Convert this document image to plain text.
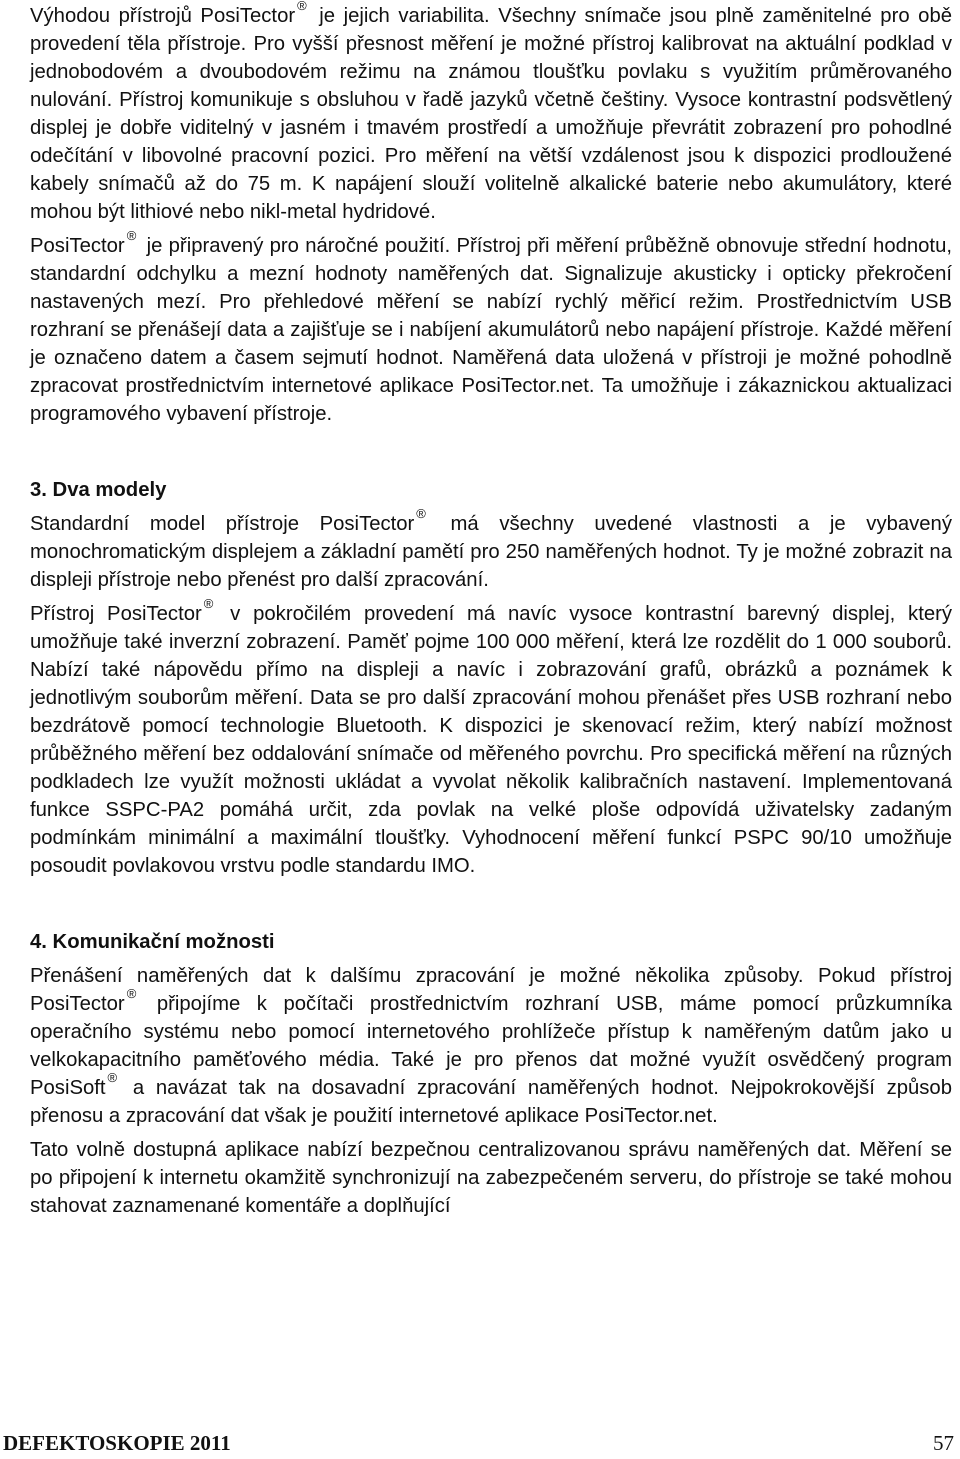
Výhodou přístrojů PosiTector ® je jejich variabilita. Všechny snímače jsou plně zaměnitelné pro obě provedení těla přístroje. Pro vyšší přesnost měření je možné přístroj kalibrovat na aktuální podklad v jednobodovém a dvoubodovém režimu na známou tloušťku povlaku s využitím průměrovaného nulování. Přístroj komunikuje s obsluhou v řadě jazyků včetně češtiny. Vysoce kontrastní podsvětlený displej je dobře viditelný v jasném i tmavém prostředí a umožňuje převrátit zobrazení pro pohodlné odečítání v libovolné pracovní pozici. Pro měření na větší vzdálenost jsou k dispozici prodloužené kabely snímačů až do 75 m. K napájení slouží volitelně alkalické baterie nebo akumulátory, které mohou být lithiové nebo nikl-metal hydridové.

PosiTector ® je připravený pro náročné použití. Přístroj při měření průběžně obnovuje střední hodnotu, standardní odchylku a mezní hodnoty naměřených dat. Signalizuje akusticky i opticky překročení nastavených mezí. Pro přehledové měření se nabízí rychlý měřicí režim. Prostřednictvím USB rozhraní se přenášejí data a zajišťuje se i nabíjení akumulátorů nebo napájení přístroje. Každé měření je označeno datem a časem sejmutí hodnot. Naměřená data uložená v přístroji je možné pohodlně zpracovat prostřednictvím internetové aplikace PosiTector.net. Ta umožňuje i zákaznickou aktualizaci programového vybavení přístroje.

3. Dva modely

Standardní model přístroje PosiTector ® má všechny uvedené vlastnosti a je vybavený monochromatickým displejem a základní pamětí pro 250 naměřených hodnot. Ty je možné zobrazit na displeji přístroje nebo přenést pro další zpracování.

Přístroj PosiTector ® v pokročilém provedení má navíc vysoce kontrastní barevný displej, který umožňuje také inverzní zobrazení. Paměť pojme 100 000 měření, která lze rozdělit do 1 000 souborů. Nabízí také nápovědu přímo na displeji a navíc i zobrazování grafů, obrázků a poznámek k jednotlivým souborům měření. Data se pro další zpracování mohou přenášet přes USB rozhraní nebo bezdrátově pomocí technologie Bluetooth. K dispozici je skenovací režim, který nabízí možnost průběžného měření bez oddalování snímače od měřeného povrchu. Pro specifická měření na různých podkladech lze využít možnosti ukládat a vyvolat několik kalibračních nastavení. Implementovaná funkce SSPC-PA2 pomáhá určit, zda povlak na velké ploše odpovídá uživatelsky zadaným podmínkám minimální a maximální tloušťky. Vyhodnocení měření funkcí PSPC 90/10 umožňuje posoudit povlakovou vrstvu podle standardu IMO.

4. Komunikační možnosti

Přenášení naměřených dat k dalšímu zpracování je možné několika způsoby. Pokud přístroj PosiTector ® připojíme k počítači prostřednictvím rozhraní USB, máme pomocí průzkumníka operačního systému nebo pomocí internetového prohlížeče přístup k naměřeným datům jako u velkokapacitního paměťového média. Také je pro přenos dat možné využít osvědčený program PosiSoft ® a navázat tak na dosavadní zpracování naměřených hodnot. Nejpokrokovější způsob přenosu a zpracování dat však je použití internetové aplikace PosiTector.net.

Tato volně dostupná aplikace nabízí bezpečnou centralizovanou správu naměřených dat. Měření se po připojení k internetu okamžitě synchronizují na zabezpečeném serveru, do přístroje se také mohou stahovat zaznamenané komentáře a doplňující

DEFEKTOSKOPIE 2011	57
